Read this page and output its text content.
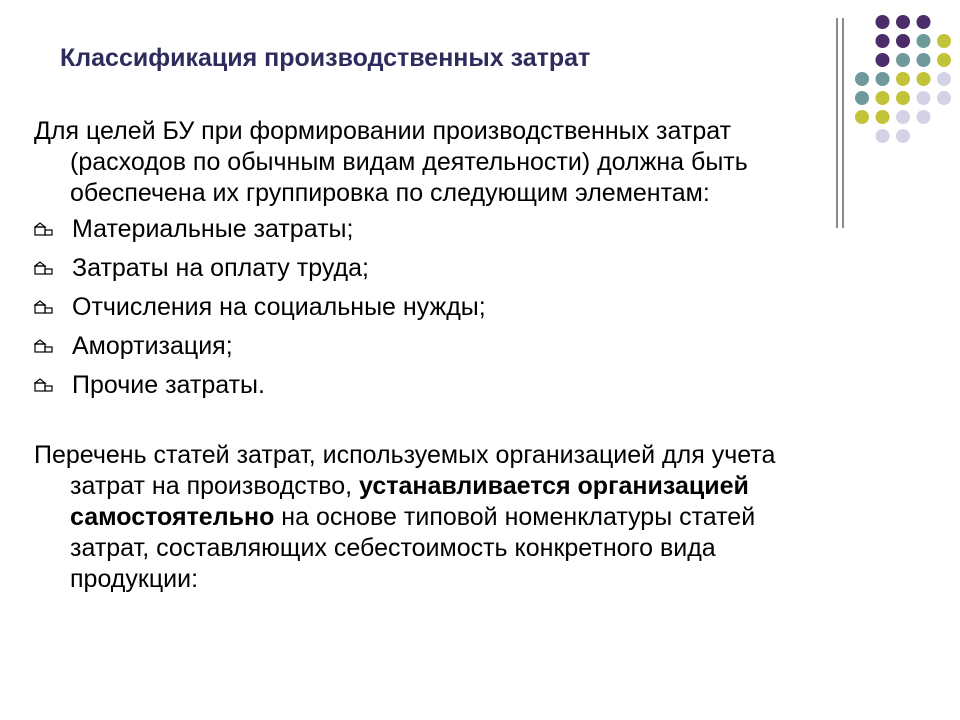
Классификация производственных затрат
Для целей БУ при формировании производственных затрат
(расходов по обычным видам деятельности) должна быть
обеспечена их группировка по следующим элементам:
Материальные затраты;
Затраты на оплату труда;
Отчисления на социальные нужды;
Амортизация;
Прочие затраты.
Перечень статей затрат, используемых организацией для учета
затрат на производство, устанавливается организацией
самостоятельно на основе типовой номенклатуры статей
затрат, составляющих себестоимость конкретного вида
продукции:
